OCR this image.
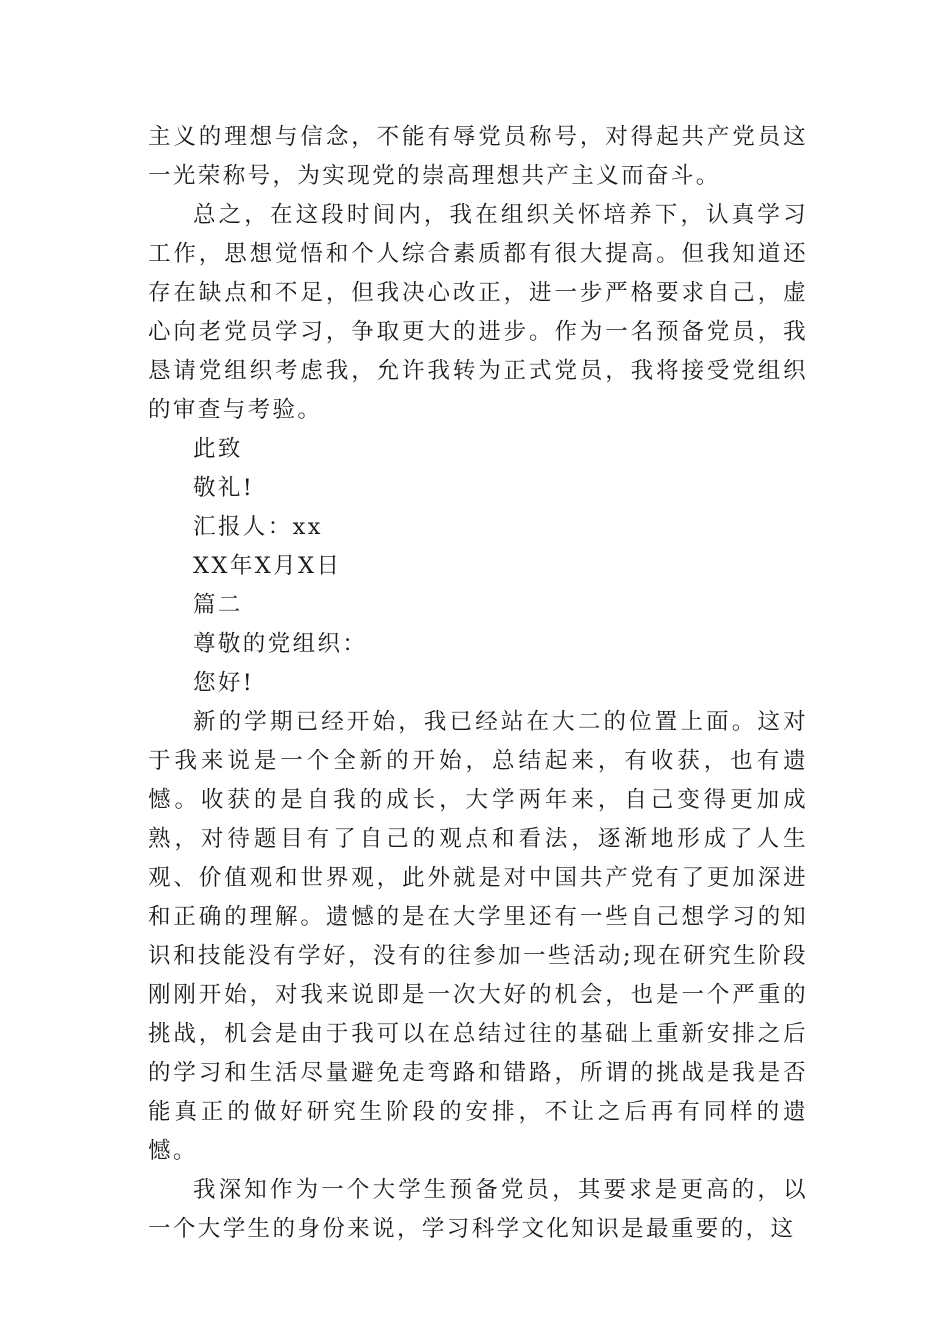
主义的理想与信念，不能有辱党员称号，对得起共产党员这一光荣称号，为实现党的崇高理想共产主义而奋斗。

总之，在这段时间内，我在组织关怀培养下，认真学习工作，思想觉悟和个人综合素质都有很大提高。但我知道还存在缺点和不足，但我决心改正，进一步严格要求自己，虚心向老党员学习，争取更大的进步。作为一名预备党员，我恳请党组织考虑我，允许我转为正式党员，我将接受党组织的审查与考验。

此致

敬礼!

汇报人：xx

XX年X月X日

篇二

尊敬的党组织：

您好!

新的学期已经开始，我已经站在大二的位置上面。这对于我来说是一个全新的开始，总结起来，有收获，也有遗憾。收获的是自我的成长，大学两年来，自己变得更加成熟，对待题目有了自己的观点和看法，逐渐地形成了人生观、价值观和世界观，此外就是对中国共产党有了更加深进和正确的理解。遗憾的是在大学里还有一些自己想学习的知识和技能没有学好，没有的往参加一些活动;现在研究生阶段刚刚开始，对我来说即是一次大好的机会，也是一个严重的挑战，机会是由于我可以在总结过往的基础上重新安排之后的学习和生活尽量避免走弯路和错路，所谓的挑战是我是否能真正的做好研究生阶段的安排，不让之后再有同样的遗憾。

我深知作为一个大学生预备党员，其要求是更高的，以一个大学生的身份来说，学习科学文化知识是最重要的，这
